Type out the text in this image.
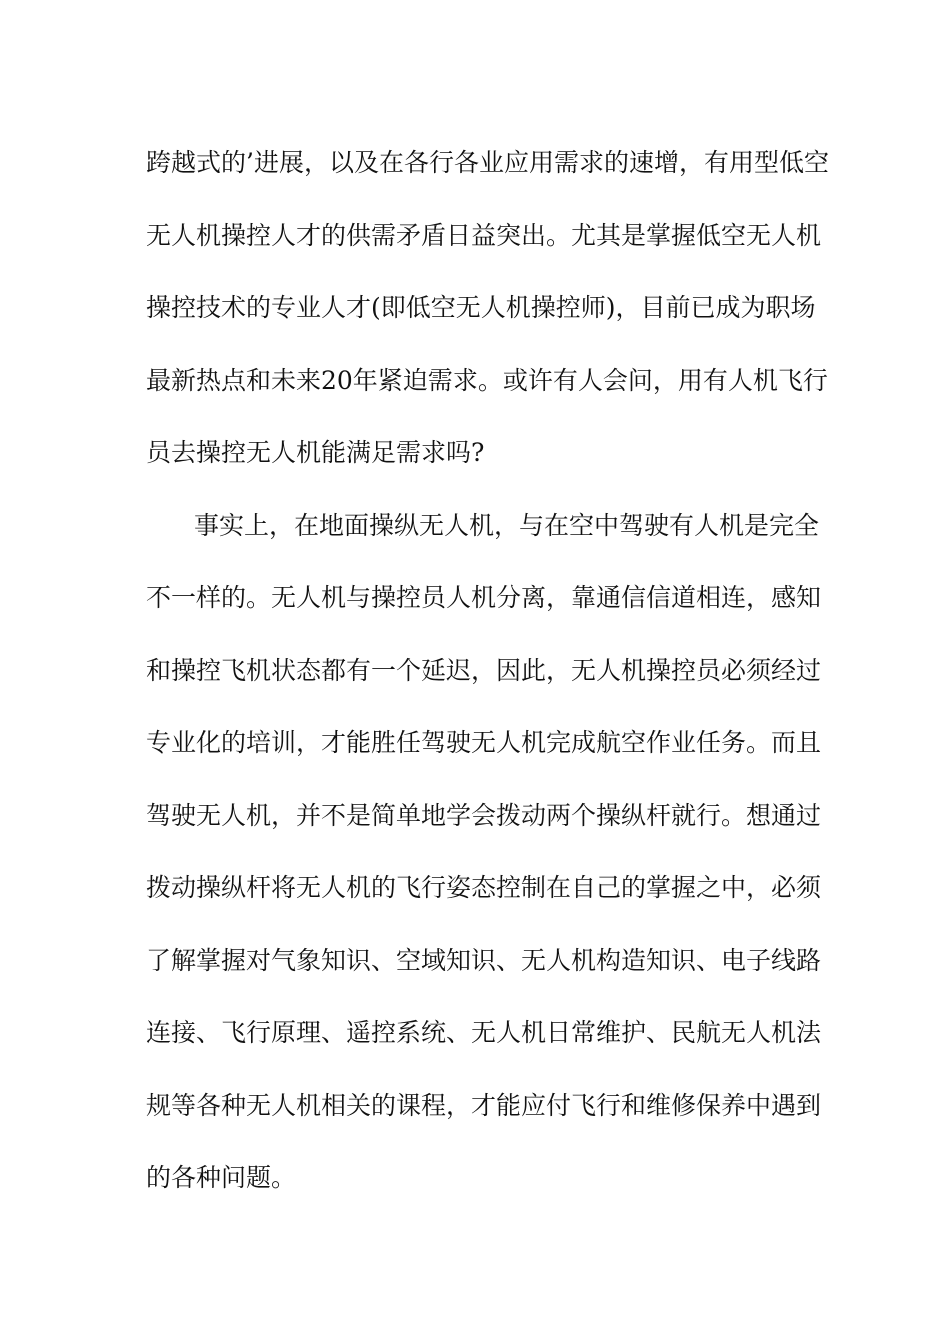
跨越式的’进展，以及在各行各业应用需求的速增，有用型低空
无人机操控人才的供需矛盾日益突出。尤其是掌握低空无人机
操控技术的专业人才(即低空无人机操控师)，目前已成为职场
最新热点和未来20年紧迫需求。或许有人会问，用有人机飞行
员去操控无人机能满足需求吗?
事实上，在地面操纵无人机，与在空中驾驶有人机是完全
不一样的。无人机与操控员人机分离，靠通信信道相连，感知
和操控飞机状态都有一个延迟，因此，无人机操控员必须经过
专业化的培训，才能胜任驾驶无人机完成航空作业任务。而且
驾驶无人机，并不是简单地学会拨动两个操纵杆就行。想通过
拨动操纵杆将无人机的飞行姿态控制在自己的掌握之中，必须
了解掌握对气象知识、空域知识、无人机构造知识、电子线路
连接、飞行原理、遥控系统、无人机日常维护、民航无人机法
规等各种无人机相关的课程，才能应付飞行和维修保养中遇到
的各种问题。
